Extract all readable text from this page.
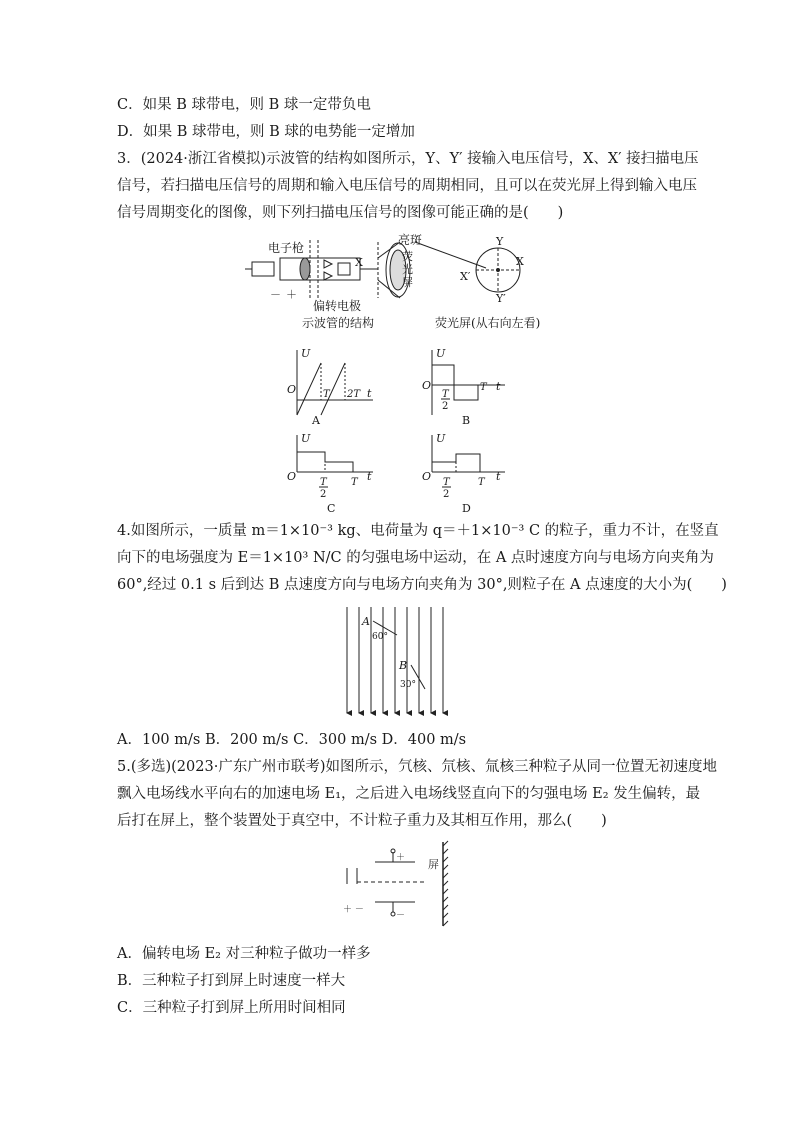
C．如果 B 球带电，则 B 球一定带负电
D．如果 B 球带电，则 B 球的电势能一定增加
3．(2024·浙江省模拟)示波管的结构如图所示，Y、Y′ 接输入电压信号，X、X′ 接扫描电压
信号，若扫描电压信号的周期和输入电压信号的周期相同，且可以在荧光屏上得到输入电压
信号周期变化的图像，则下列扫描电压信号的图像可能正确的是(　　)
电子枪
X
亮斑
荧
光
屏
－ ＋
偏转电极
示波管的结构
Y
Y′
X
X′
荧光屏(从右向左看)
U
O	T 2T t
A
U
O
T
2
T t
B
U
O T
2
T t
C
U
O T
2
T t
D
4.如图所示，一质量 m＝1×10⁻³ kg、电荷量为 q＝＋1×10⁻³ C 的粒子，重力不计，在竖直
向下的电场强度为 E＝1×10³ N/C 的匀强电场中运动，在 A 点时速度方向与电场方向夹角为
60°,经过 0.1 s 后到达 B 点速度方向与电场方向夹角为 30°,则粒子在 A 点速度的大小为(　　)
A
60°
B
30°
A．100 m/s B．200 m/s C．300 m/s D．400 m/s
5.(多选)(2023·广东广州市联考)如图所示，氕核、氘核、氚核三种粒子从同一位置无初速度地
飘入电场线水平向右的加速电场 E₁，之后进入电场线竖直向下的匀强电场 E₂ 发生偏转，最
后打在屏上，整个装置处于真空中，不计粒子重力及其相互作用，那么(　　)
屏
＋
－
＋ －
A．偏转电场 E₂ 对三种粒子做功一样多
B．三种粒子打到屏上时速度一样大
C．三种粒子打到屏上所用时间相同
